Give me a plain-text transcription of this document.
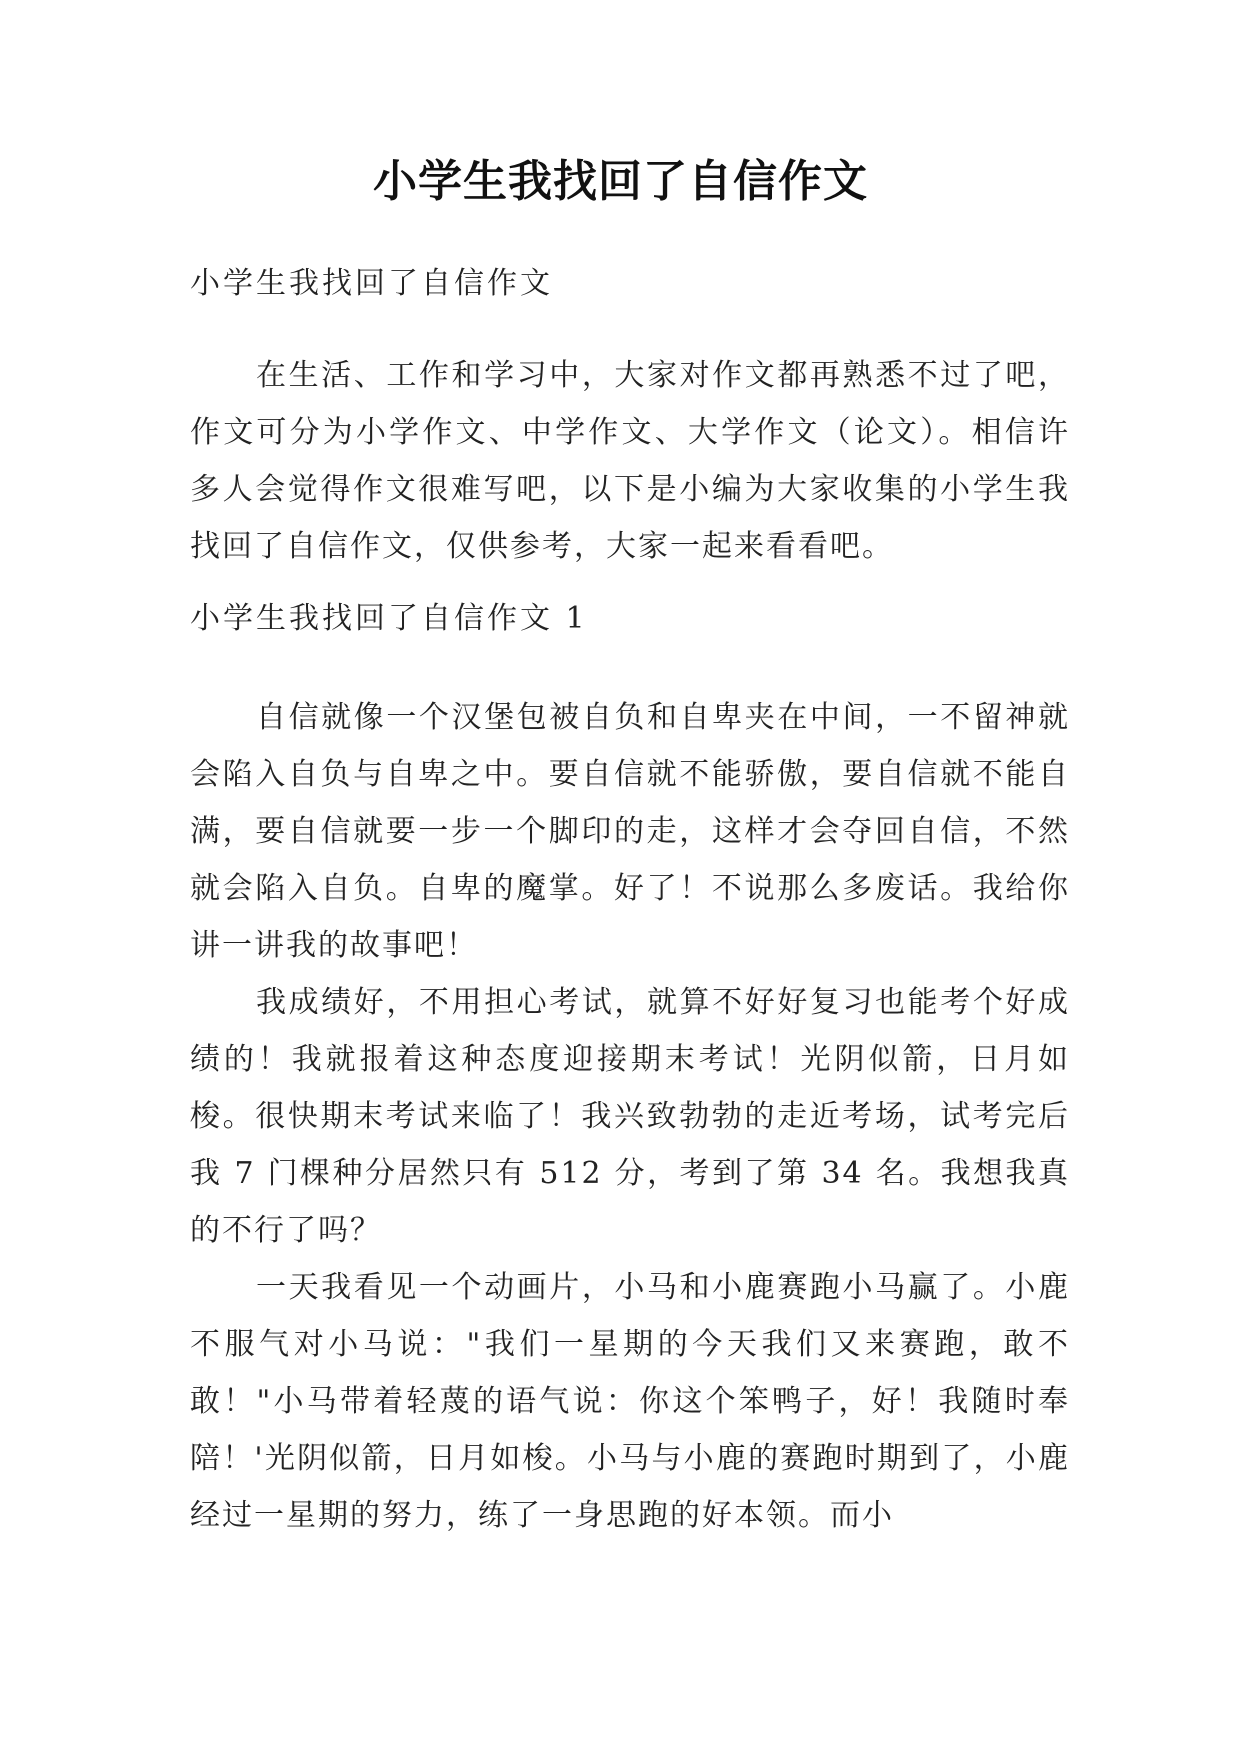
小学生我找回了自信作文
小学生我找回了自信作文

在生活、工作和学习中，大家对作文都再熟悉不过了吧，作文可分为小学作文、中学作文、大学作文（论文）。相信许多人会觉得作文很难写吧，以下是小编为大家收集的小学生我找回了自信作文，仅供参考，大家一起来看看吧。

小学生我找回了自信作文 1

自信就像一个汉堡包被自负和自卑夹在中间，一不留神就会陷入自负与自卑之中。要自信就不能骄傲，要自信就不能自满，要自信就要一步一个脚印的走，这样才会夺回自信，不然就会陷入自负。自卑的魔掌。好了！不说那么多废话。我给你讲一讲我的故事吧！

我成绩好，不用担心考试，就算不好好复习也能考个好成绩的！我就报着这种态度迎接期末考试！光阴似箭，日月如梭。很快期末考试来临了！我兴致勃勃的走近考场，试考完后我 7 门棵种分居然只有 512 分，考到了第 34 名。我想我真的不行了吗？

一天我看见一个动画片，小马和小鹿赛跑小马赢了。小鹿不服气对小马说："我们一星期的今天我们又来赛跑，敢不敢！"小马带着轻蔑的语气说：你这个笨鸭子，好！我随时奉陪！'光阴似箭，日月如梭。小马与小鹿的赛跑时期到了，小鹿经过一星期的努力，练了一身思跑的好本领。而小
